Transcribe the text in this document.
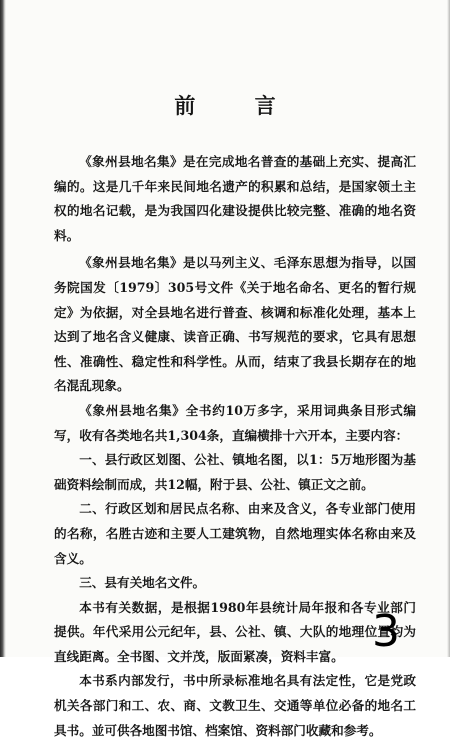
前 言

《象州县地名集》是在完成地名普查的基础上充实、提高汇编的。这是几千年来民间地名遗产的积累和总结，是国家领土主权的地名记载，是为我国四化建设提供比较完整、准确的地名资料。

《象州县地名集》是以马列主义、毛泽东思想为指导，以国务院国发〔1979〕305号文件《关于地名命名、更名的暂行规定》为依据，对全县地名进行普查、核调和标准化处理，基本上达到了地名含义健康、读音正确、书写规范的要求，它具有思想性、准确性、稳定性和科学性。从而，结束了我县长期存在的地名混乱现象。

《象州县地名集》全书约10万多字，采用词典条目形式编写，收有各类地名共1,304条，直编横排十六开本，主要内容：

一、县行政区划图、公社、镇地名图，以1：5万地形图为基础资料绘制而成，共12幅，附于县、公社、镇正文之前。

二、行政区划和居民点名称、由来及含义，各专业部门使用的名称，名胜古迹和主要人工建筑物，自然地理实体名称由来及含义。

三、县有关地名文件。

本书有关数据，是根据1980年县统计局年报和各专业部门提供。年代采用公元纪年，县、公社、镇、大队的地理位置均为直线距离。全书图、文并茂，版面紧凑，资料丰富。

本书系内部发行，书中所录标准地名具有法定性，它是党政机关各部门和工、农、商、文教卫生、交通等单位必备的地名工具书。並可供各地图书馆、档案馆、资料部门收藏和参考。

3
